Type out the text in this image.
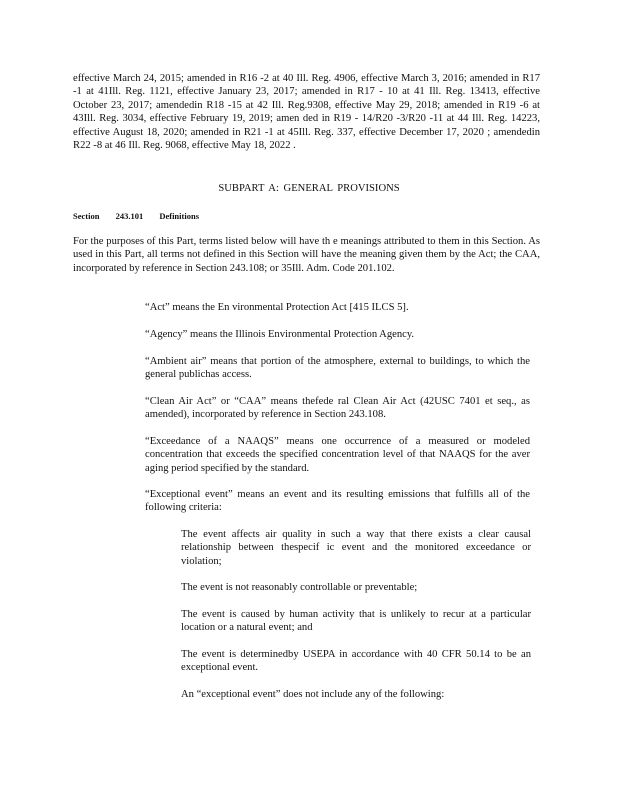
effective March 24, 2015; amended in R16 -2 at 40 Ill. Reg. 4906, effective March 3, 2016; amended in R17 -1 at 41Ill. Reg. 1121, effective January 23, 2017; amended in R17 - 10 at 41 Ill. Reg. 13413, effective October 23, 2017; amendedin R18 -15 at 42 Ill. Reg.9308, effective May 29, 2018; amended in R19 -6 at 43Ill. Reg. 3034, effective February 19, 2019; amen ded in R19 - 14/R20 -3/R20 -11 at 44 Ill. Reg. 14223, effective August 18, 2020; amended in R21 -1 at 45Ill. Reg. 337, effective December 17, 2020 ; amendedin R22 -8 at 46 Ill. Reg. 9068, effective May 18, 2022 .
SUBPART A: GENERAL PROVISIONS
Section 243.101 Definitions
For the purposes of this Part, terms listed below will have th e meanings attributed to them in this Section. As used in this Part, all terms not defined in this Section will have the meaning given them by the Act; the CAA, incorporated by reference in Section 243.108; or 35Ill. Adm. Code 201.102.
“Act” means the En vironmental Protection Act [415 ILCS 5].
“Agency” means the Illinois Environmental Protection Agency.
“Ambient air” means that portion of the atmosphere, external to buildings, to which the general publichas access.
“Clean Air Act” or “CAA” means thefede ral Clean Air Act (42USC 7401 et seq., as amended), incorporated by reference in Section 243.108.
“Exceedance of a NAAQS” means one occurrence of a measured or modeled concentration that exceeds the specified concentration level of that NAAQS for the aver aging period specified by the standard.
“Exceptional event” means an event and its resulting emissions that fulfills all of the following criteria:
The event affects air quality in such a way that there exists a clear causal relationship between thespecif ic event and the monitored exceedance or violation;
The event is not reasonably controllable or preventable;
The event is caused by human activity that is unlikely to recur at a particular location or a natural event; and
The event is determinedby USEPA in accordance with 40 CFR 50.14 to be an exceptional event.
An “exceptional event” does not include any of the following:
